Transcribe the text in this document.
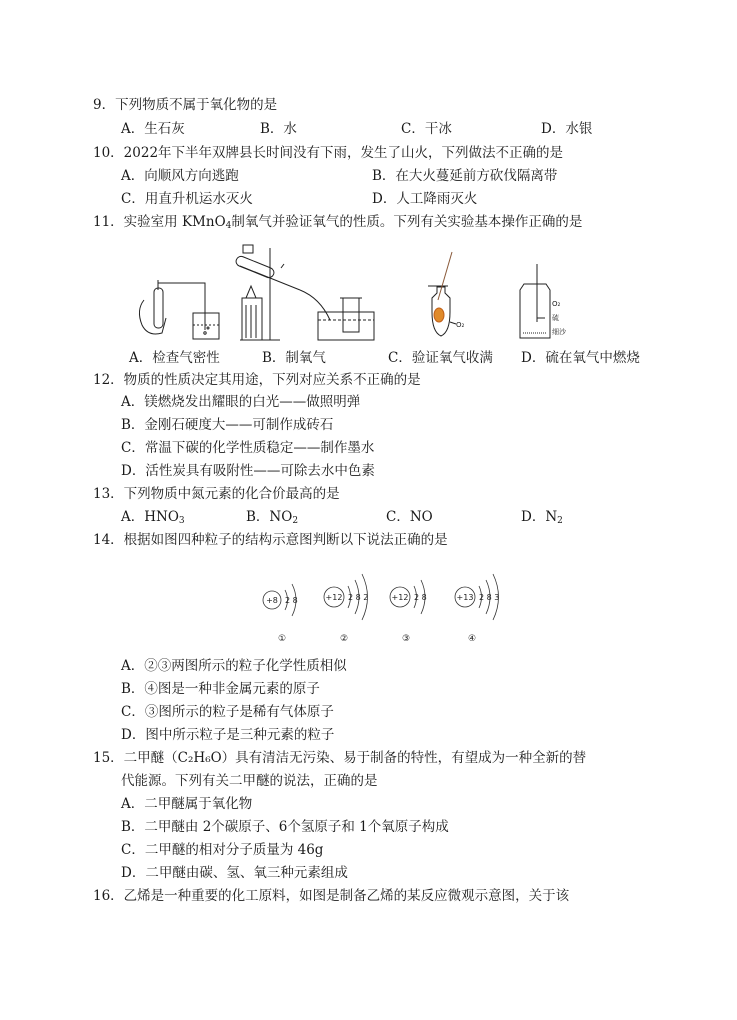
9．下列物质不属于氧化物的是
A．生石灰	B．水	C．干冰	D．水银
10．2022年下半年双牌县长时间没有下雨，发生了山火，下列做法不正确的是
A．向顺风方向逃跑	B．在大火蔓延前方砍伐隔离带
C．用直升机运水灭火	D．人工降雨灭火
11．实验室用 KMnO$_4$制氧气并验证氧气的性质。下列有关实验基本操作正确的是
O₂
O₂
硫
细沙
A．检查气密性	B．制氧气	C．验证氧气收满 D．硫在氧气中燃烧
12．物质的性质决定其用途，下列对应关系不正确的是
A．镁燃烧发出耀眼的白光——做照明弹
B．金刚石硬度大——可制作成砖石
C．常温下碳的化学性质稳定——制作墨水
D．活性炭具有吸附性——可除去水中色素
13．下列物质中氮元素的化合价最高的是
A．$HNO_3$	B．$NO_2$	C．NO	D．$N_2$
14．根据如图四种粒子的结构示意图判断以下说法正确的是
+8 2 8	+12 2 8 2	+12 2 8	+13 2 8 3
①	②	③	④
A．②③两图所示的粒子化学性质相似
B．④图是一种非金属元素的原子
C．③图所示的粒子是稀有气体原子
D．图中所示粒子是三种元素的粒子
15．二甲醚（C₂H₆O）具有清洁无污染、易于制备的特性，有望成为一种全新的替
代能源。下列有关二甲醚的说法，正确的是
A．二甲醚属于氧化物
B．二甲醚由 2个碳原子、6个氢原子和 1个氧原子构成
C．二甲醚的相对分子质量为 46g
D．二甲醚由碳、氢、氧三种元素组成
16．乙烯是一种重要的化工原料，如图是制备乙烯的某反应微观示意图，关于该
